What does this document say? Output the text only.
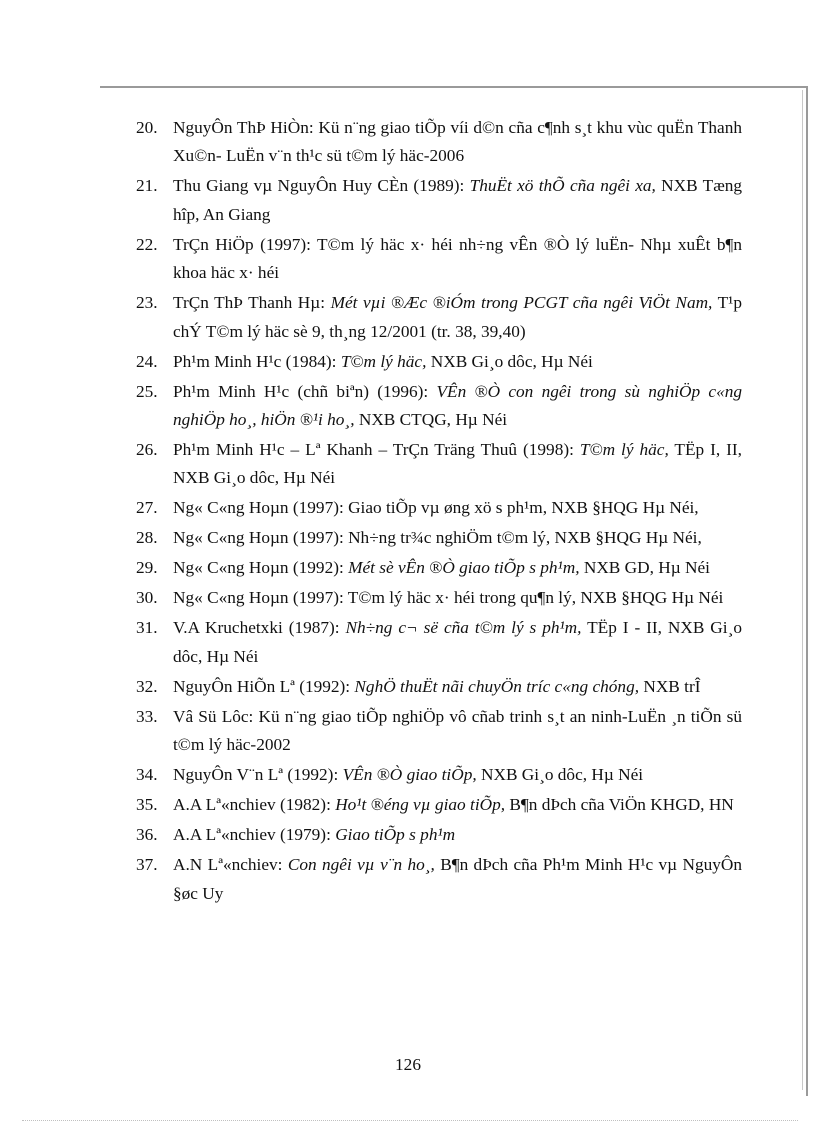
20. NguyÔn ThÞ HiÒn: Kü n¨ng giao tiÕp víi d©n cña c¶nh s¸t khu vùc quËn Thanh Xu©n- LuËn v¨n th¹c sü t©m lý häc-2006
21. Thu Giang vµ NguyÔn Huy CÈn (1989): ThuËt xö thÕ cña ngêi xa, NXB Tæng hîp, An Giang
22. TrÇn HiÖp (1997): T©m lý häc x· héi nh÷ng vÊn ®Ò lý luËn- Nhµ xuÊt b¶n khoa häc x· héi
23. TrÇn ThÞ Thanh Hµ: Mét vµi ®Æc ®iÓm trong PCGT cña ngêi ViÖt Nam, T¹p chÝ T©m lý häc sè 9, th¸ng 12/2001 (tr. 38, 39,40)
24. Ph¹m Minh H¹c (1984): T©m lý häc, NXB Gi¸o dôc, Hµ Néi
25. Ph¹m Minh H¹c (chñ biªn) (1996): VÊn ®Ò con ngêi trong sù nghiÖp c«ng nghiÖp ho¸, hiÖn ®¹i ho¸, NXB CTQG, Hµ Néi
26. Ph¹m Minh H¹c – Lª Khanh – TrÇn Träng Thuû (1998): T©m lý häc, TËp I, II, NXB Gi¸o dôc, Hµ Néi
27. Ng« C«ng Hoµn (1997): Giao tiÕp vµ øng xö s ph¹m, NXB §HQG Hµ Néi,
28. Ng« C«ng Hoµn (1997): Nh÷ng tr¾c nghiÖm t©m lý, NXB §HQG Hµ Néi,
29. Ng« C«ng Hoµn (1992): Mét sè vÊn ®Ò giao tiÕp s ph¹m, NXB GD, Hµ Néi
30. Ng« C«ng Hoµn (1997): T©m lý häc x· héi trong qu¶n lý, NXB §HQG Hµ Néi
31. V.A Kruchetxki (1987): Nh÷ng c¬ së cña t©m lý s ph¹m, TËp I - II, NXB Gi¸o dôc, Hµ Néi
32. NguyÔn HiÕn Lª (1992): NghÖ thuËt nãi chuyÖn tríc c«ng chóng, NXB trÎ
33. Vâ Sü Lôc: Kü n¨ng giao tiÕp nghiÖp vô cñab trinh s¸t an ninh-LuËn ¸n tiÕn sü t©m lý häc-2002
34. NguyÔn V¨n Lª (1992): VÊn ®Ò giao tiÕp, NXB Gi¸o dôc, Hµ Néi
35. A.A Lª«nchiev (1982): Ho¹t ®éng vµ giao tiÕp, B¶n dÞch cña ViÖn KHGD, HN
36. A.A Lª«nchiev (1979): Giao tiÕp s ph¹m
37. A.N Lª«nchiev: Con ngêi vµ v¨n ho¸, B¶n dÞch cña Ph¹m Minh H¹c vµ NguyÔn §øc Uy
126
